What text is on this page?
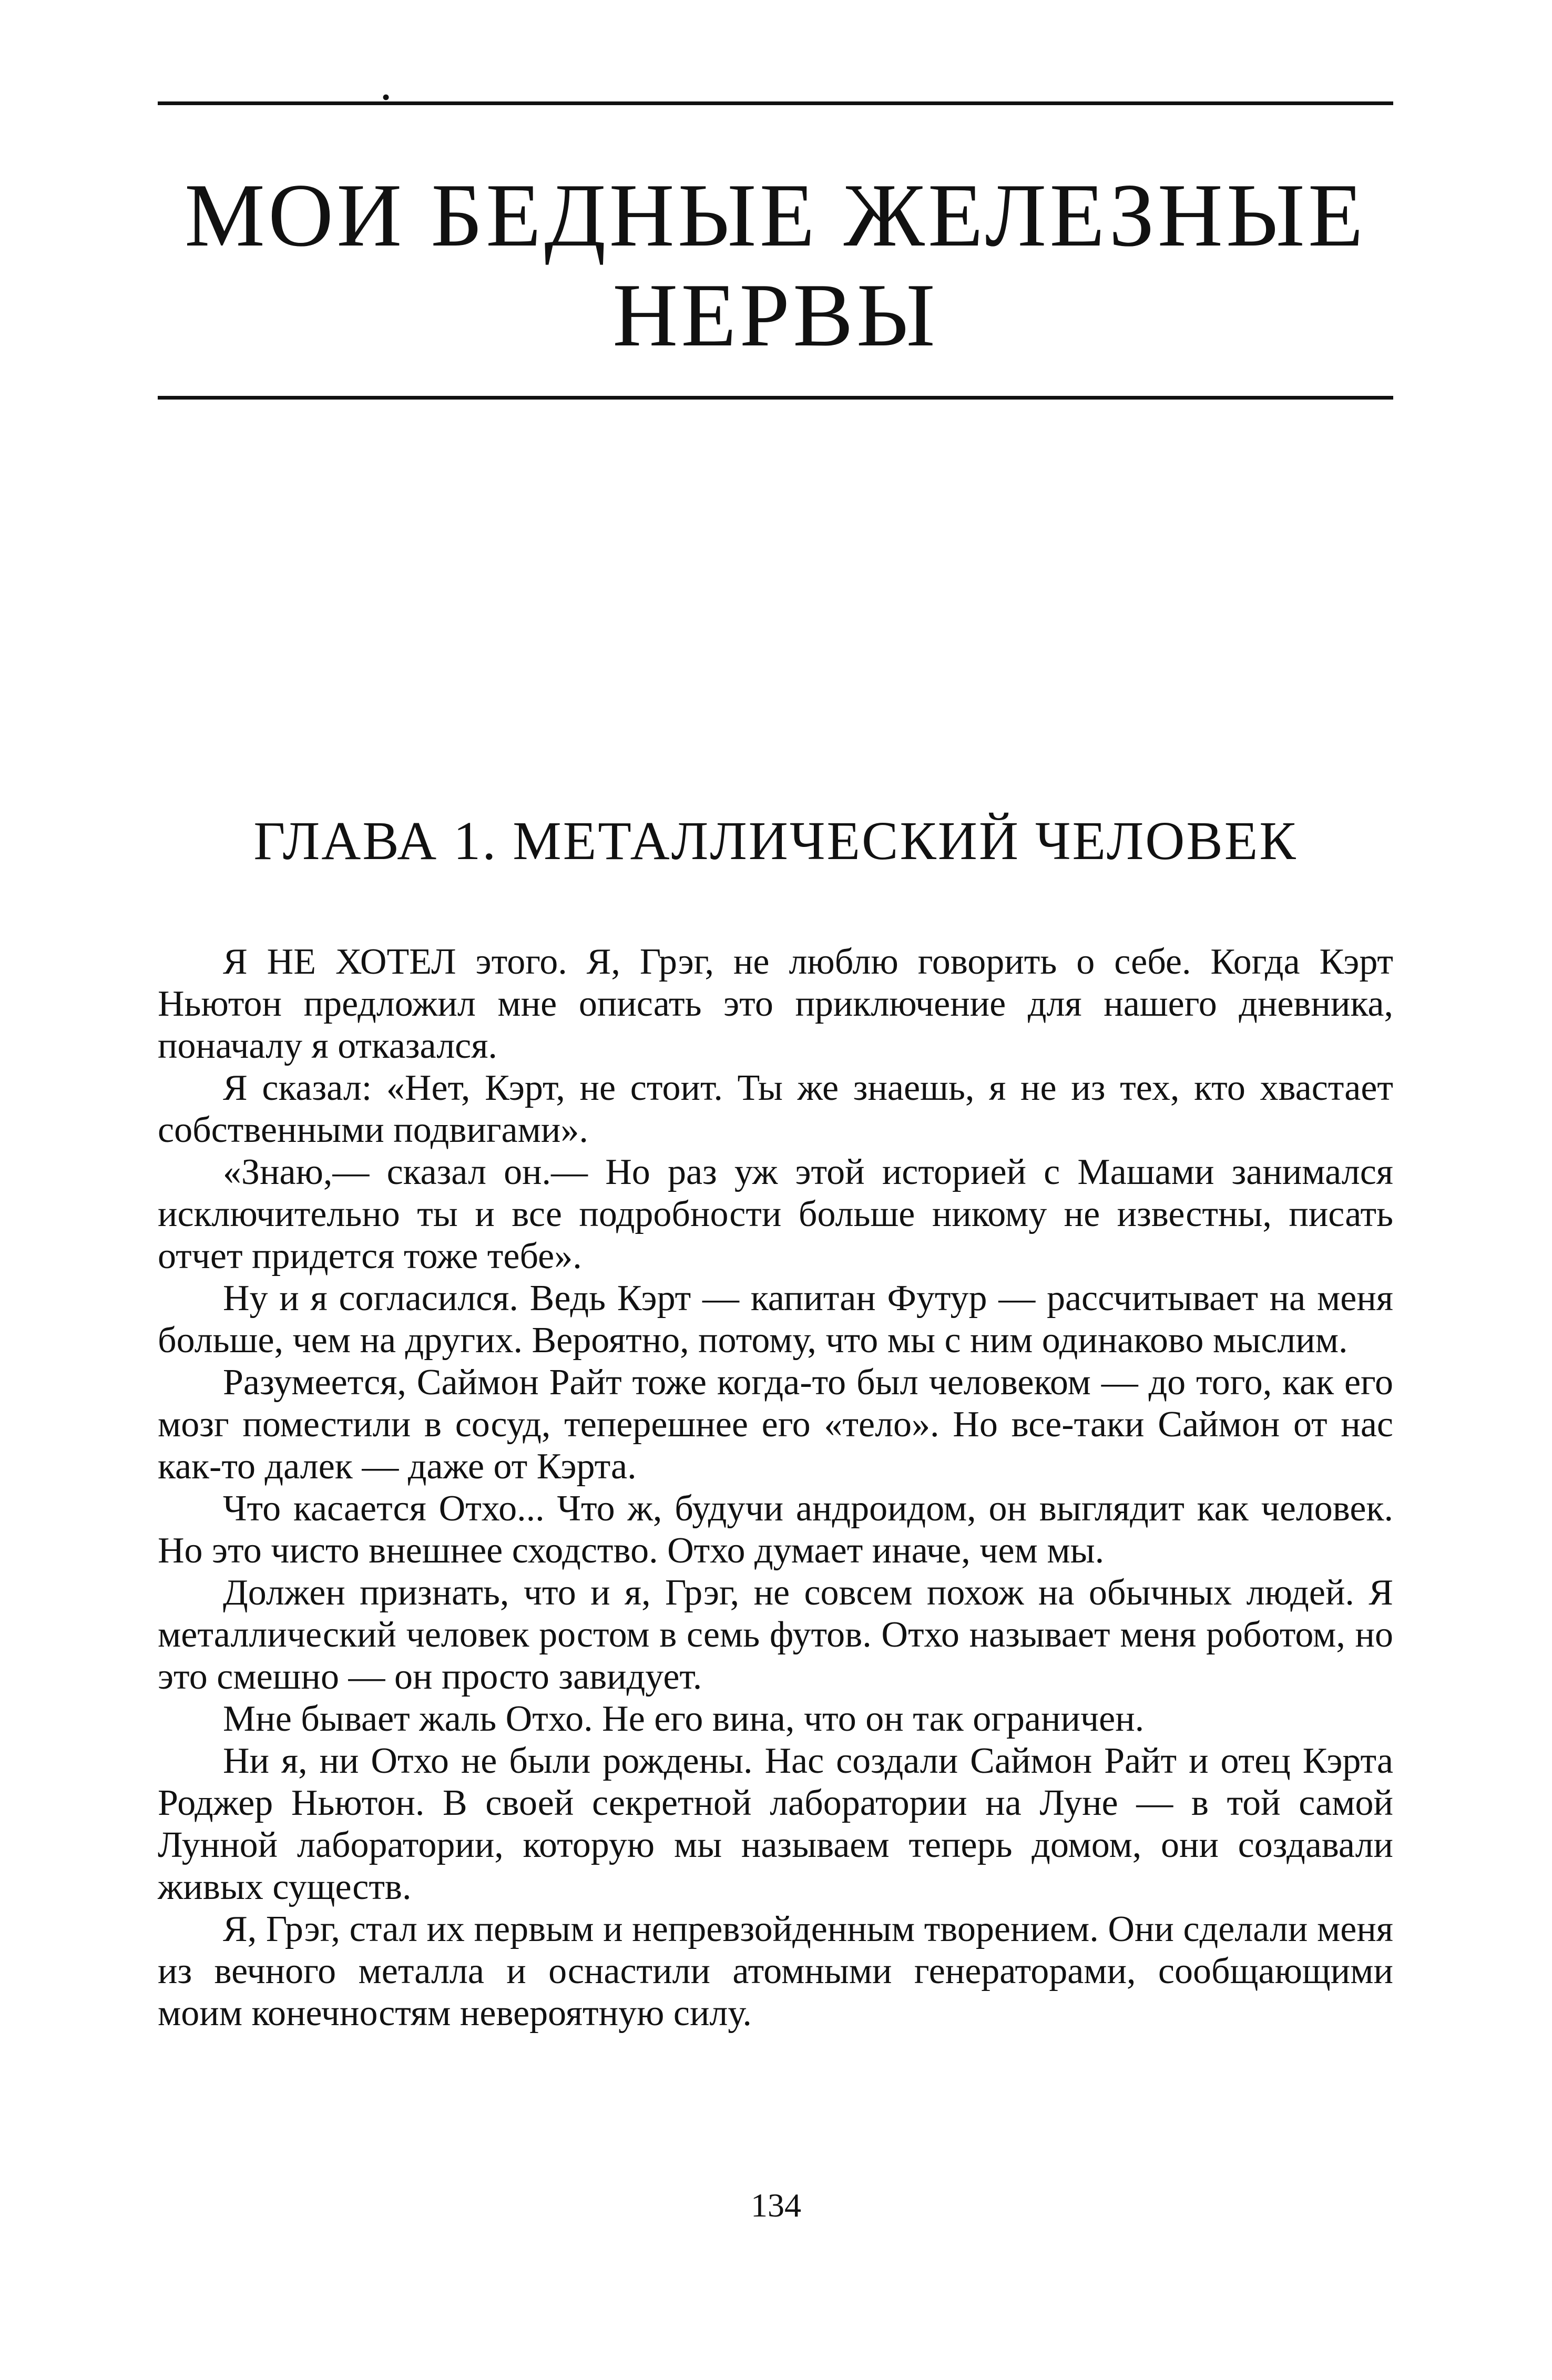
•
МОИ БЕДНЫЕ ЖЕЛЕЗНЫЕ НЕРВЫ
ГЛАВА 1. МЕТАЛЛИЧЕСКИЙ ЧЕЛОВЕК

Я НЕ ХОТЕЛ этого. Я, Грэг, не люблю говорить о себе. Когда Кэрт Ньютон предложил мне описать это приключение для нашего дневника, поначалу я отказался.

Я сказал: «Нет, Кэрт, не стоит. Ты же знаешь, я не из тех, кто хвастает собственными подвигами».

«Знаю,— сказал он.— Но раз уж этой историей с Машами занимался исключительно ты и все подробности больше никому не известны, писать отчет придется тоже тебе».

Ну и я согласился. Ведь Кэрт — капитан Футур — рассчитывает на меня больше, чем на других. Вероятно, потому, что мы с ним одинаково мыслим.

Разумеется, Саймон Райт тоже когда-то был человеком — до того, как его мозг поместили в сосуд, теперешнее его «тело». Но все-таки Саймон от нас как-то далек — даже от Кэрта.

Что касается Отхо... Что ж, будучи андроидом, он выглядит как человек. Но это чисто внешнее сходство. Отхо думает иначе, чем мы.

Должен признать, что и я, Грэг, не совсем похож на обычных людей. Я металлический человек ростом в семь футов. Отхо называет меня роботом, но это смешно — он просто завидует.

Мне бывает жаль Отхо. Не его вина, что он так ограничен.

Ни я, ни Отхо не были рождены. Нас создали Саймон Райт и отец Кэрта Роджер Ньютон. В своей секретной лаборатории на Луне — в той самой Лунной лаборатории, которую мы называем теперь домом, они создавали живых существ.

Я, Грэг, стал их первым и непревзойденным творением. Они сделали меня из вечного металла и оснастили атомными генераторами, сообщающими моим конечностям невероятную силу.

134
